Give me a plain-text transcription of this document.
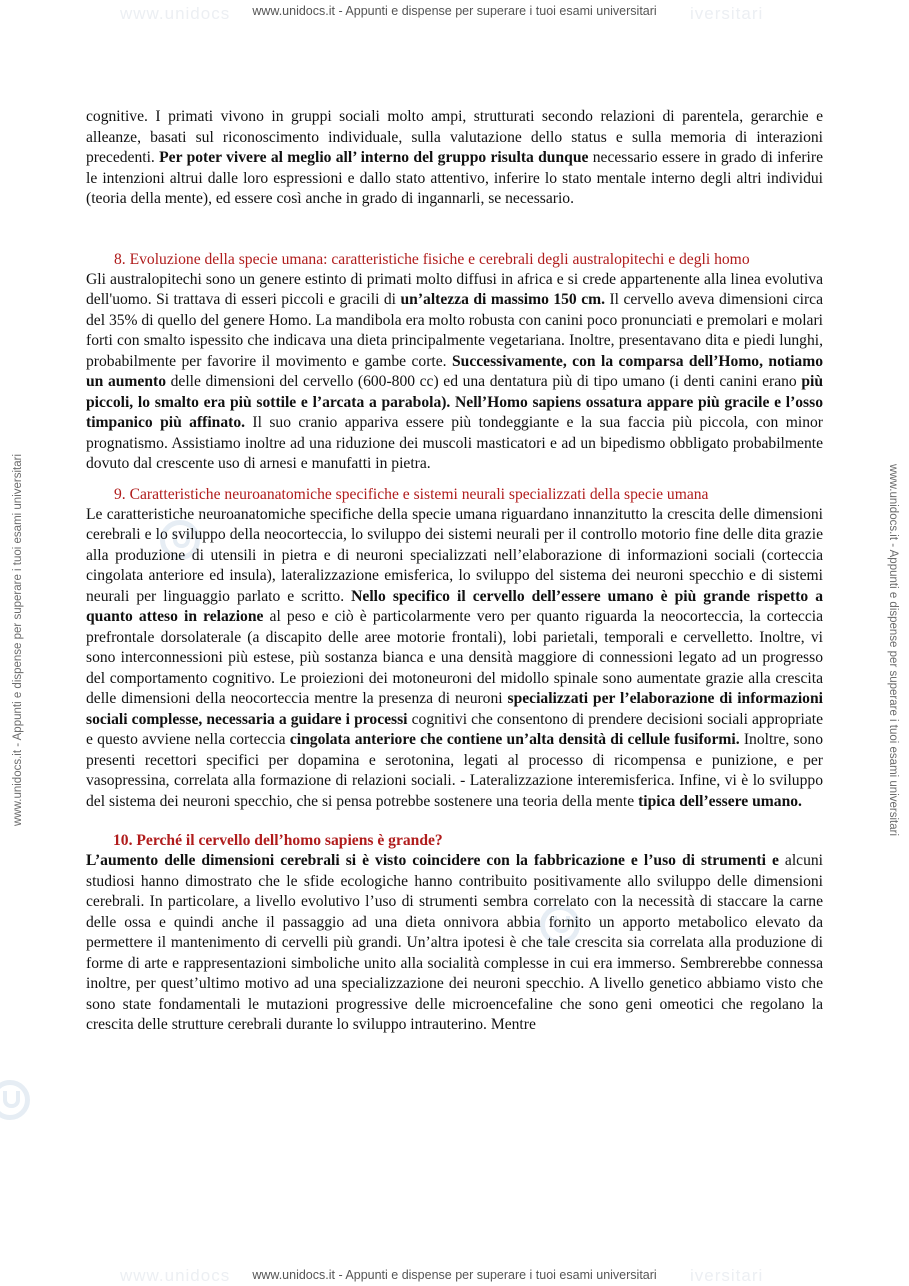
www.unidocs	iversitari
www.unidocs	iversitari
www.unidocs.it - Appunti e dispense per superare i tuoi esami universitari
www.unidocs.it - Appunti e dispense per superare i tuoi esami universitari	www.unidocs.it - Appunti e dispense per superare i tuoi esami universitari

cognitive. I primati vivono in gruppi sociali molto ampi, strutturati secondo relazioni di parentela, gerarchie e alleanze, basati sul riconoscimento individuale, sulla valutazione dello status e sulla memoria di interazioni precedenti. Per poter vivere al meglio all’ interno del gruppo risulta dunque necessario essere in grado di inferire le intenzioni altrui dalle loro espressioni e dallo stato attentivo, inferire lo stato mentale interno degli altri individui (teoria della mente), ed essere così anche in grado di ingannarli, se necessario.

8. Evoluzione della specie umana: caratteristiche fisiche e cerebrali degli australopitechi e degli homo

Gli australopitechi sono un genere estinto di primati molto diffusi in africa e si crede appartenente alla linea evolutiva dell'uomo. Si trattava di esseri piccoli e gracili di un’altezza di massimo 150 cm. Il cervello aveva dimensioni circa del 35% di quello del genere Homo. La mandibola era molto robusta con canini poco pronunciati e premolari e molari forti con smalto ispessito che indicava una dieta principalmente vegetariana. Inoltre, presentavano dita e piedi lunghi, probabilmente per favorire il movimento e gambe corte. Successivamente, con la comparsa dell’Homo, notiamo un aumento delle dimensioni del cervello (600-800 cc) ed una dentatura più di tipo umano (i denti canini erano più piccoli, lo smalto era più sottile e l’arcata a parabola). Nell’Homo sapiens ossatura appare più gracile e l’osso timpanico più affinato. Il suo cranio appariva essere più tondeggiante e la sua faccia più piccola, con minor prognatismo. Assistiamo inoltre ad una riduzione dei muscoli masticatori e ad un bipedismo obbligato probabilmente dovuto dal crescente uso di arnesi e manufatti in pietra.

9. Caratteristiche neuroanatomiche specifiche e sistemi neurali specializzati della specie umana

Le caratteristiche neuroanatomiche specifiche della specie umana riguardano innanzitutto la crescita delle dimensioni cerebrali e lo sviluppo della neocorteccia, lo sviluppo dei sistemi neurali per il controllo motorio fine delle dita grazie alla produzione di utensili in pietra e di neuroni specializzati nell’elaborazione di informazioni sociali (corteccia cingolata anteriore ed insula), lateralizzazione emisferica, lo sviluppo del sistema dei neuroni specchio e di sistemi neurali per linguaggio parlato e scritto. Nello specifico il cervello dell’essere umano è più grande rispetto a quanto atteso in relazione al peso e ciò è particolarmente vero per quanto riguarda la neocorteccia, la corteccia prefrontale dorsolaterale (a discapito delle aree motorie frontali), lobi parietali, temporali e cervelletto. Inoltre, vi sono interconnessioni più estese, più sostanza bianca e una densità maggiore di connessioni legato ad un progresso del comportamento cognitivo. Le proiezioni dei motoneuroni del midollo spinale sono aumentate grazie alla crescita delle dimensioni della neocorteccia mentre la presenza di neuroni specializzati per l’elaborazione di informazioni sociali complesse, necessaria a guidare i processi cognitivi che consentono di prendere decisioni sociali appropriate e questo avviene nella corteccia cingolata anteriore che contiene un’alta densità di cellule fusiformi. Inoltre, sono presenti recettori specifici per dopamina e serotonina, legati al processo di ricompensa e punizione, e per vasopressina, correlata alla formazione di relazioni sociali. - Lateralizzazione interemisferica. Infine, vi è lo sviluppo del sistema dei neuroni specchio, che si pensa potrebbe sostenere una teoria della mente tipica dell’essere umano.

10. Perché il cervello dell’homo sapiens è grande?

L’aumento delle dimensioni cerebrali si è visto coincidere con la fabbricazione e l’uso di strumenti e alcuni studiosi hanno dimostrato che le sfide ecologiche hanno contribuito positivamente allo sviluppo delle dimensioni cerebrali. In particolare, a livello evolutivo l’uso di strumenti sembra correlato con la necessità di staccare la carne delle ossa e quindi anche il passaggio ad una dieta onnivora abbia fornito un apporto metabolico elevato da permettere il mantenimento di cervelli più grandi. Un’altra ipotesi è che tale crescita sia correlata alla produzione di forme di arte e rappresentazioni simboliche unito alla socialità complesse in cui era immerso. Sembrerebbe connessa inoltre, per quest’ultimo motivo ad una specializzazione dei neuroni specchio. A livello genetico abbiamo visto che sono state fondamentali le mutazioni progressive delle microencefaline che sono geni omeotici che regolano la crescita delle strutture cerebrali durante lo sviluppo intrauterino. Mentre

www.unidocs.it - Appunti e dispense per superare i tuoi esami universitari
